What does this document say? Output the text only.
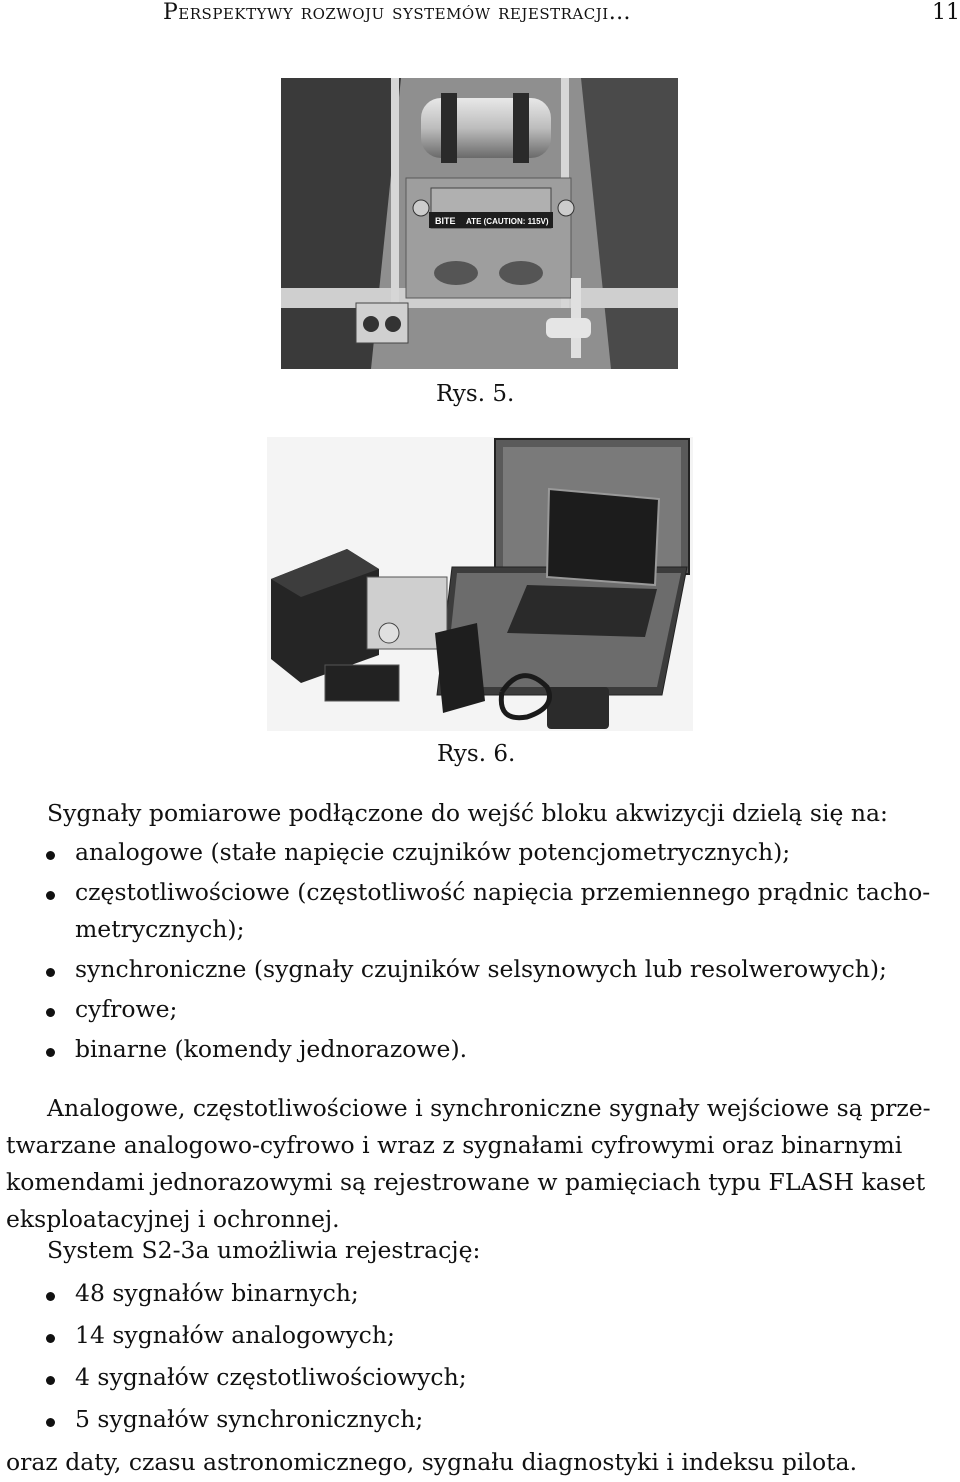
Perspektywy rozwoju systemów rejestracji…	11
BITE ATE (CAUTION: 115V)
Rys. 5.
Rys. 6.
Sygnały pomiarowe podłączone do wejść bloku akwizycji dzielą się na:
analogowe (stałe napięcie czujników potencjometrycznych);
częstotliwościowe (częstotliwość napięcia przemiennego prądnic tacho-
metrycznych);
synchroniczne (sygnały czujników selsynowych lub resolwerowych);
cyfrowe;
binarne (komendy jednorazowe).
Analogowe, częstotliwościowe i synchroniczne sygnały wejściowe są prze-
twarzane analogowo-cyfrowo i wraz z sygnałami cyfrowymi oraz binarnymi
komendami jednorazowymi są rejestrowane w pamięciach typu FLASH kaset
eksploatacyjnej i ochronnej.
System S2-3a umożliwia rejestrację:
48 sygnałów binarnych;
14 sygnałów analogowych;
4 sygnałów częstotliwościowych;
5 sygnałów synchronicznych;
oraz daty, czasu astronomicznego, sygnału diagnostyki i indeksu pilota.
